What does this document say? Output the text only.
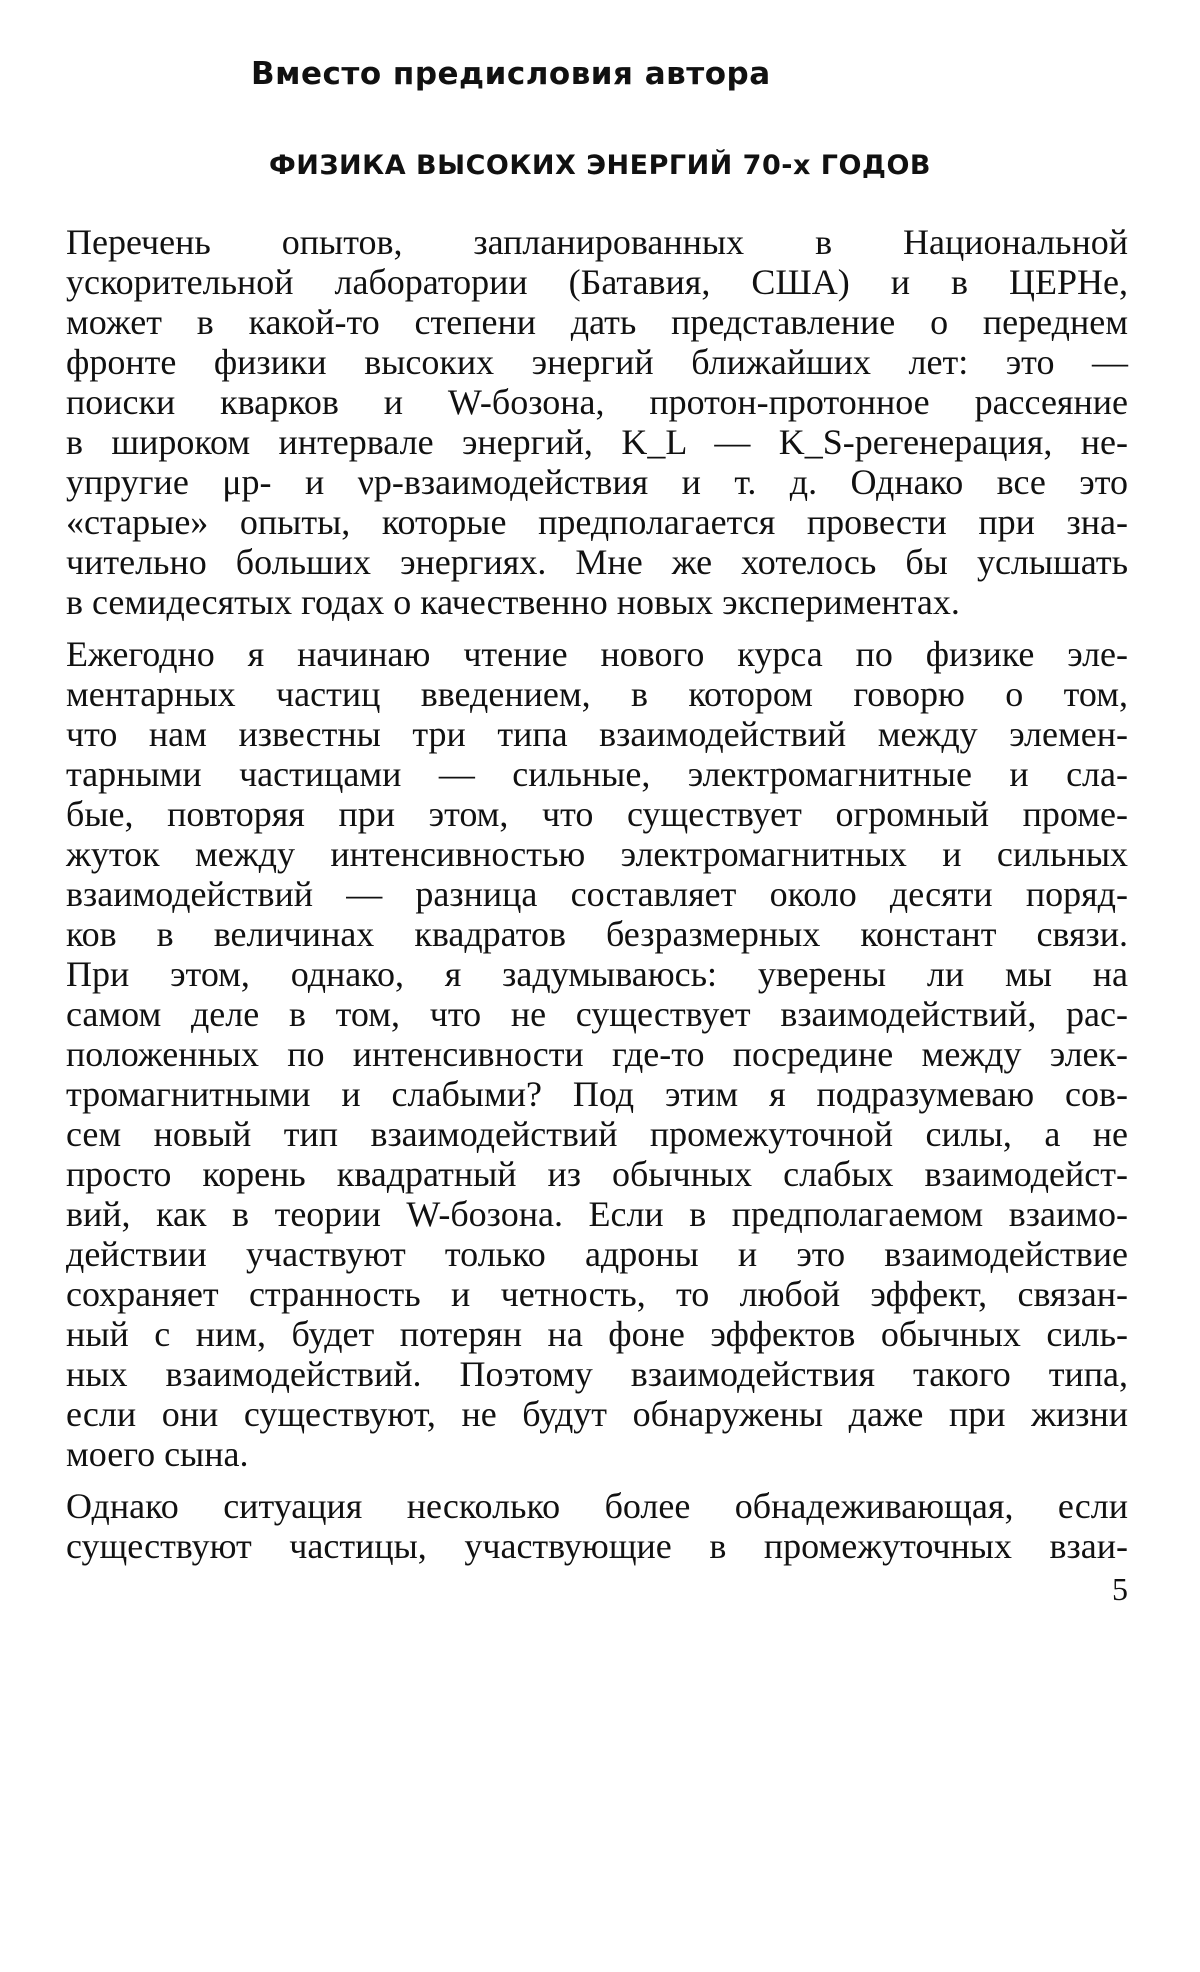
Вместо предисловия автора
ФИЗИКА ВЫСОКИХ ЭНЕРГИЙ 70-х ГОДОВ
Перечень опытов, запланированных в Национальной
ускорительной лаборатории (Батавия, США) и в ЦЕРНе,
может в какой-то степени дать представление о переднем
фронте физики высоких энергий ближайших лет: это —
поиски кварков и W-бозона, протон-протонное рассеяние
в широком интервале энергий, K_L — K_S-регенерация, не-
упругие μp- и νp-взаимодействия и т. д. Однако все это
«старые» опыты, которые предполагается провести при зна-
чительно больших энергиях. Мне же хотелось бы услышать
в семидесятых годах о качественно новых экспериментах.
Ежегодно я начинаю чтение нового курса по физике эле-
ментарных частиц введением, в котором говорю о том,
что нам известны три типа взаимодействий между элемен-
тарными частицами — сильные, электромагнитные и сла-
бые, повторяя при этом, что существует огромный проме-
жуток между интенсивностью электромагнитных и сильных
взаимодействий — разница составляет около десяти поряд-
ков в величинах квадратов безразмерных констант связи.
При этом, однако, я задумываюсь: уверены ли мы на
самом деле в том, что не существует взаимодействий, рас-
положенных по интенсивности где-то посредине между элек-
тромагнитными и слабыми? Под этим я подразумеваю сов-
сем новый тип взаимодействий промежуточной силы, а не
просто корень квадратный из обычных слабых взаимодейст-
вий, как в теории W-бозона. Если в предполагаемом взаимо-
действии участвуют только адроны и это взаимодействие
сохраняет странность и четность, то любой эффект, связан-
ный с ним, будет потерян на фоне эффектов обычных силь-
ных взаимодействий. Поэтому взаимодействия такого типа,
если они существуют, не будут обнаружены даже при жизни
моего сына.
Однако ситуация несколько более обнадеживающая, если
существуют частицы, участвующие в промежуточных взаи-
5
